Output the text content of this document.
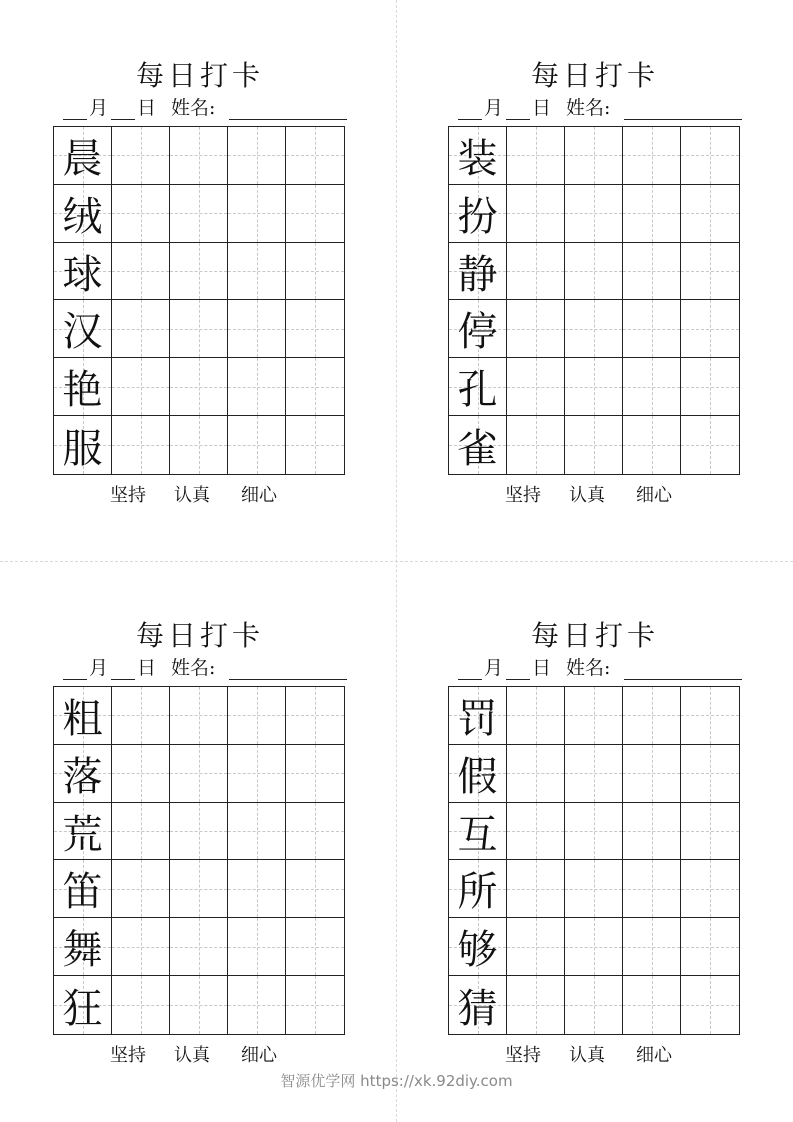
每日打卡
月 日 姓名:
晨
绒
球
汉
艳
服
坚持 认真 细心
每日打卡
月 日 姓名:
装
扮
静
停
孔
雀
坚持 认真 细心
每日打卡
月 日 姓名:
粗
落
荒
笛
舞
狂
坚持 认真 细心
每日打卡
月 日 姓名:
罚
假
互
所
够
猜
坚持 认真 细心
智源优学网 https://xk.92diy.com
